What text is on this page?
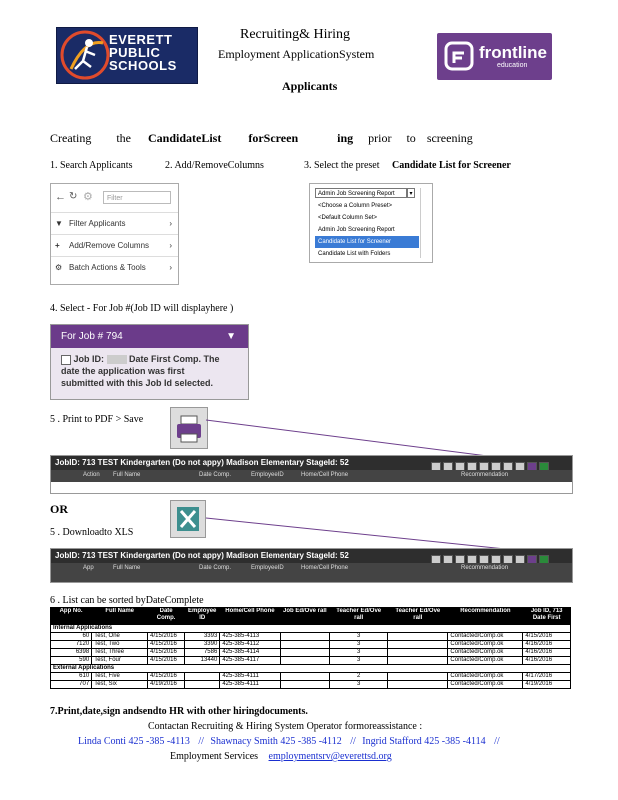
EVERETT
PUBLIC
SCHOOLS
Recruiting& Hiring
Employment ApplicationSystem
Applicants
frontline
education
Creating the CandidateList forScreen	ing prior to screening
1. Search Applicants	2. Add/RemoveColumns	3. Select the preset Candidate List for Screener
← ↻ ⚙	Filter
▼ Filter Applicants	›
+ Add/Remove Columns	›
⚙ Batch Actions & Tools	›
Admin Job Screening Report	▾
<Choose a Column Preset>
<Default Column Set>
Admin Job Screening Report
Candidate List for Screener
Candidate List with Folders
4. Select - For Job #(Job ID will displayhere )
For Job # 794	▼
Job ID:	Date First Comp. The
date the application was first
submitted with this Job Id selected.
5 . Print to PDF > Save
JobID: 713 TEST Kindergarten (Do not appy) Madison Elementary StageId: 52
Action Full Name	Date Comp.	EmployeeID	Home/Cell Phone	Recommendation
OR
5 . Downloadto XLS
JobID: 713 TEST Kindergarten (Do not appy) Madison Elementary StageId: 52
App	Full Name	Date Comp.	EmployeeID	Home/Cell Phone	Recommendation
6 . List can be sorted byDateComplete
App No.	Full Name	Date Comp.	Employee ID	Home/Cell Phone	Job Ed/Ove rall	Teacher Ed/Ove rall	Teacher Ed/Ove rall	Recommendation	Job ID, 713 Date First
Internal Applications									
60	Test, One	4/15/2016	3393	425-385-4113		3		Contacted/Comp.ok	4/15/2016
7120	Test, Two	4/15/2016	3390	425-385-4112		3		Contacted/Comp.ok	4/16/2016
6398	Test, Three	4/15/2016	7586	425-385-4114		3		Contacted/Comp.ok	4/16/2016
590	Test, Four	4/15/2016	13440	425-385-4117		3		Contacted/Comp.ok	4/16/2016
External Applications									
610	Test, Five	4/15/2016		425-385-4111		2		Contacted/Comp.ok	4/17/2016
707	Test, Six	4/19/2016		425-385-4111		3		Contacted/Comp.ok	4/19/2016
7.Print,date,sign andsendto HR with other hiringdocuments.
Contactan Recruiting & Hiring System Operator formoreassistance :
Linda Conti 425 -385 -4113 // Shawnacy Smith 425 -385 -4112 // Ingrid Stafford 425 -385 -4114 //
Employment Services employmentsrv@everettsd.org
